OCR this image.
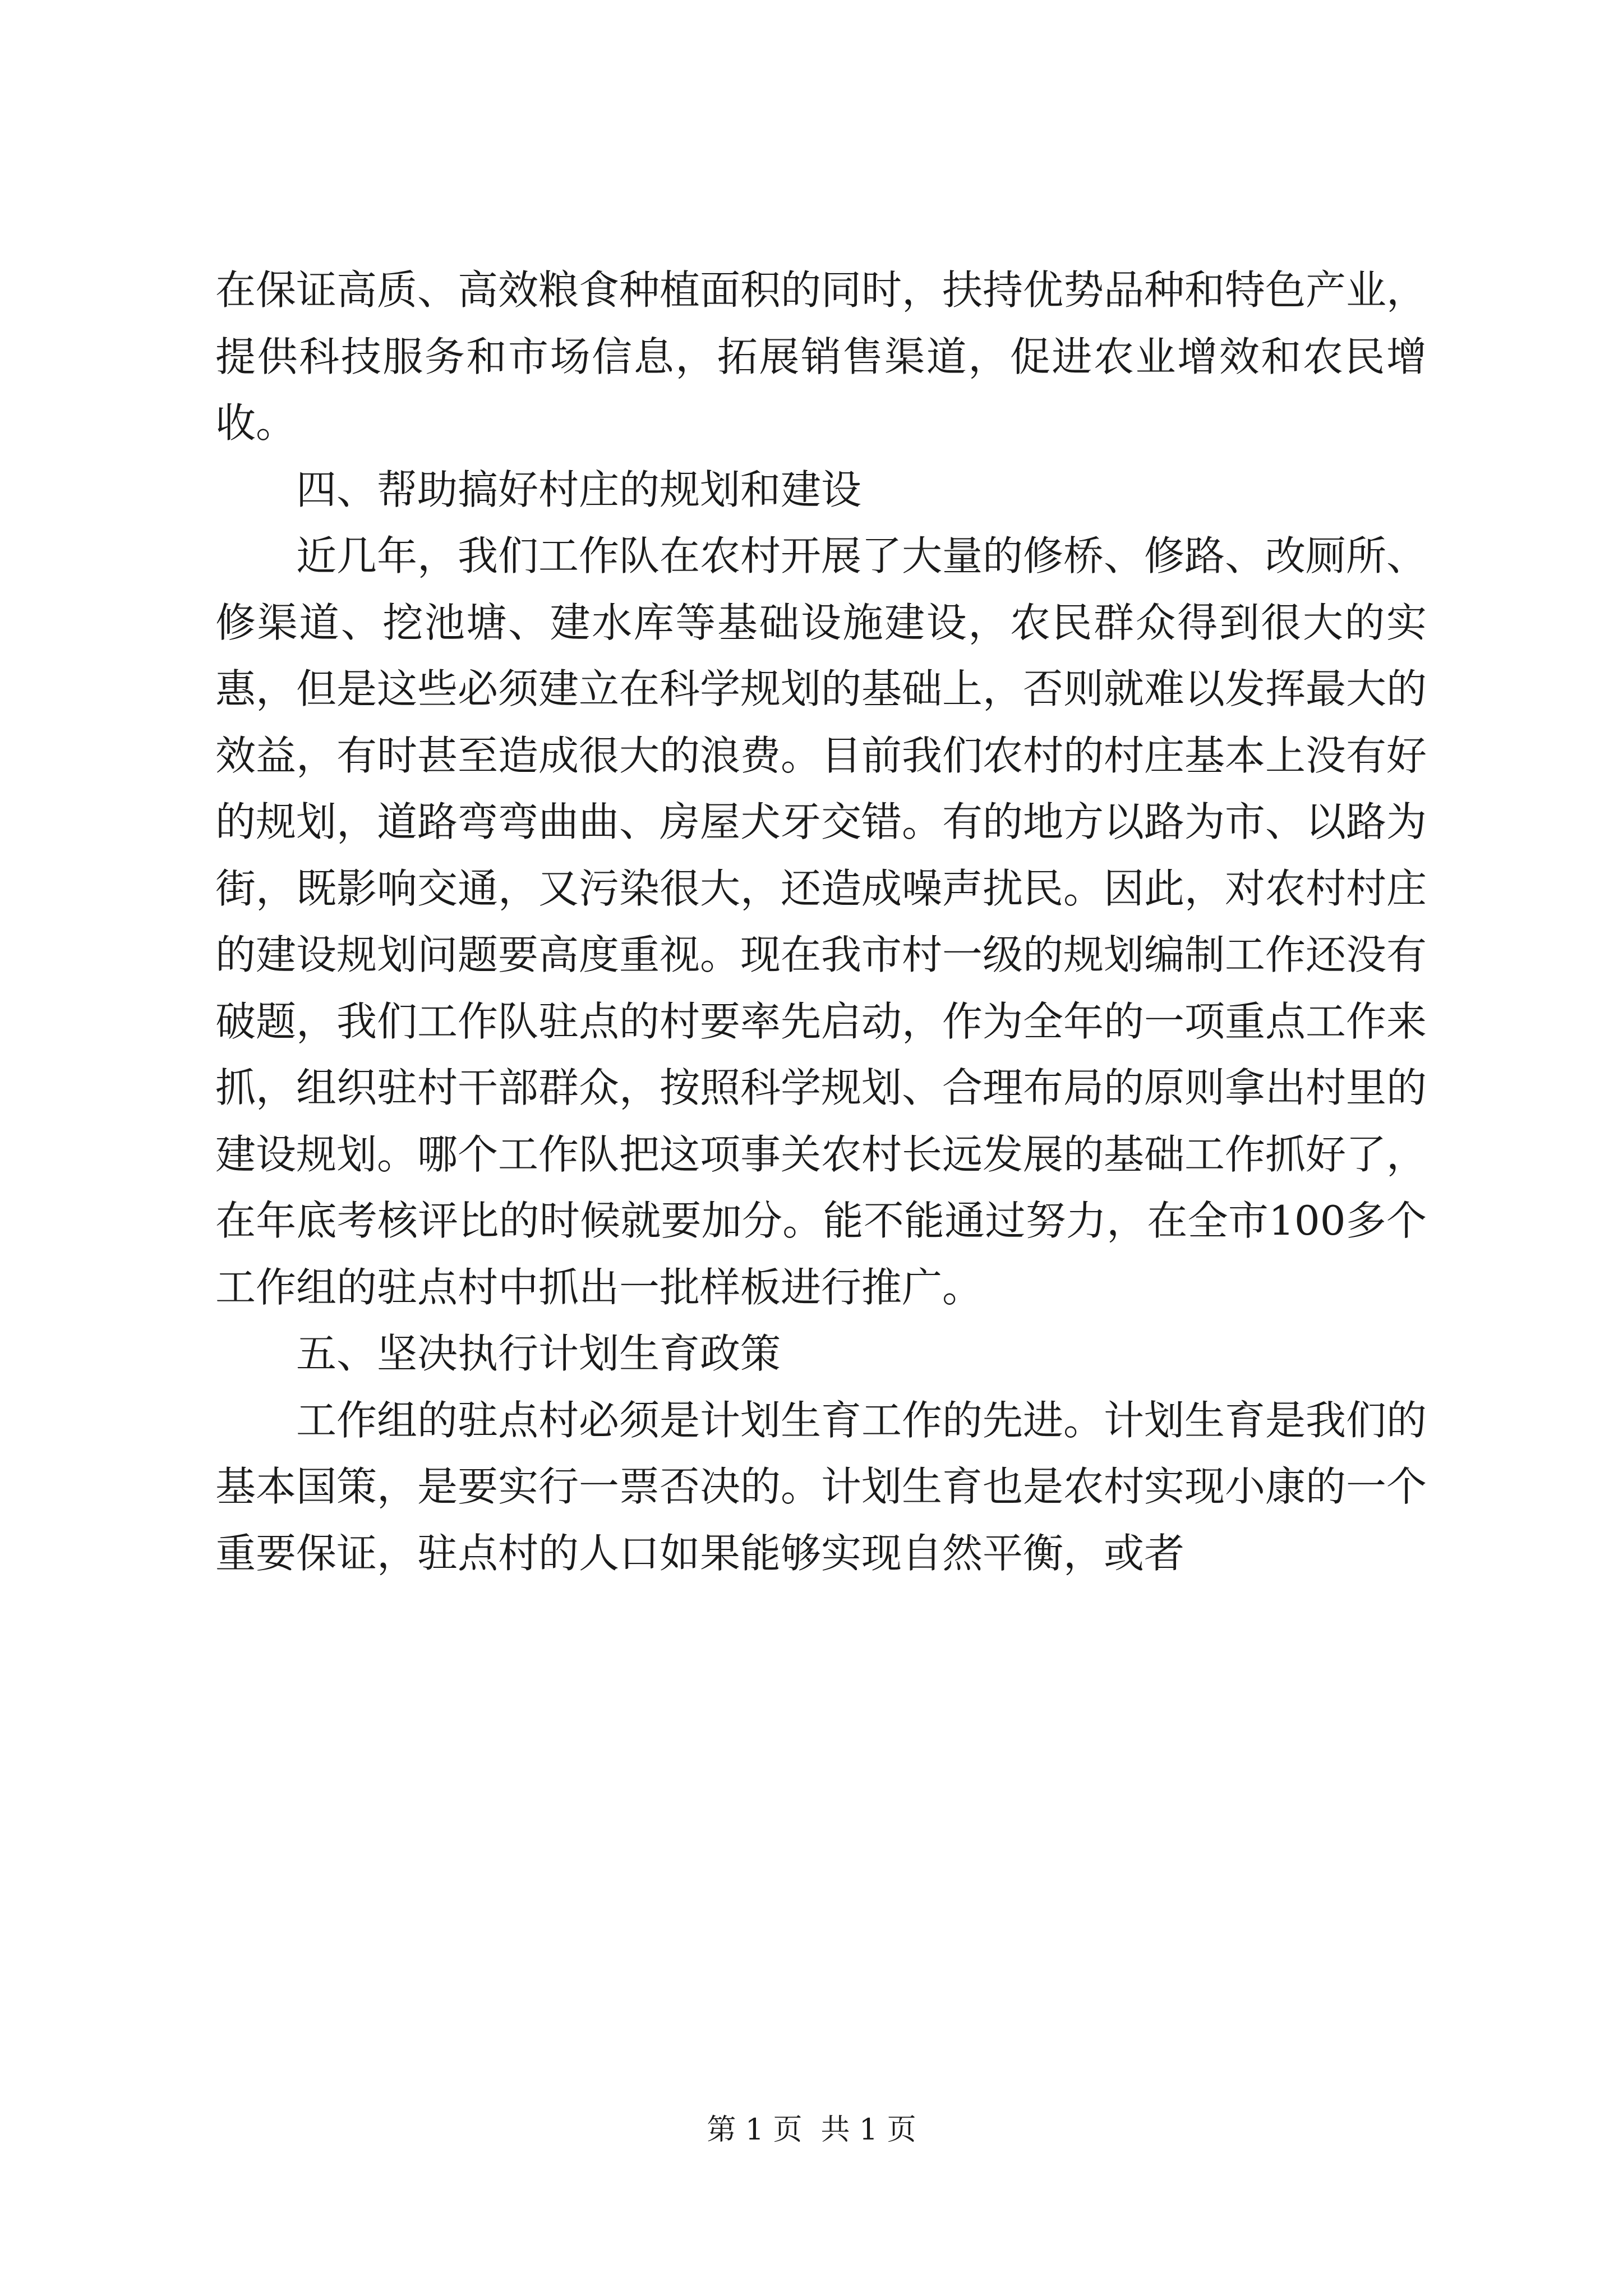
在保证高质、高效粮食种植面积的同时，扶持优势品种和特色产业，提供科技服务和市场信息，拓展销售渠道，促进农业增效和农民增收。

四、帮助搞好村庄的规划和建设

近几年，我们工作队在农村开展了大量的修桥、修路、改厕所、修渠道、挖池塘、建水库等基础设施建设，农民群众得到很大的实惠，但是这些必须建立在科学规划的基础上，否则就难以发挥最大的效益，有时甚至造成很大的浪费。目前我们农村的村庄基本上没有好的规划，道路弯弯曲曲、房屋犬牙交错。有的地方以路为市、以路为街，既影响交通，又污染很大，还造成噪声扰民。因此，对农村村庄的建设规划问题要高度重视。现在我市村一级的规划编制工作还没有破题，我们工作队驻点的村要率先启动，作为全年的一项重点工作来抓，组织驻村干部群众，按照科学规划、合理布局的原则拿出村里的建设规划。哪个工作队把这项事关农村长远发展的基础工作抓好了，在年底考核评比的时候就要加分。能不能通过努力，在全市100多个工作组的驻点村中抓出一批样板进行推广。

五、坚决执行计划生育政策

工作组的驻点村必须是计划生育工作的先进。计划生育是我们的基本国策，是要实行一票否决的。计划生育也是农村实现小康的一个重要保证，驻点村的人口如果能够实现自然平衡，或者

第 1 页  共 1 页
